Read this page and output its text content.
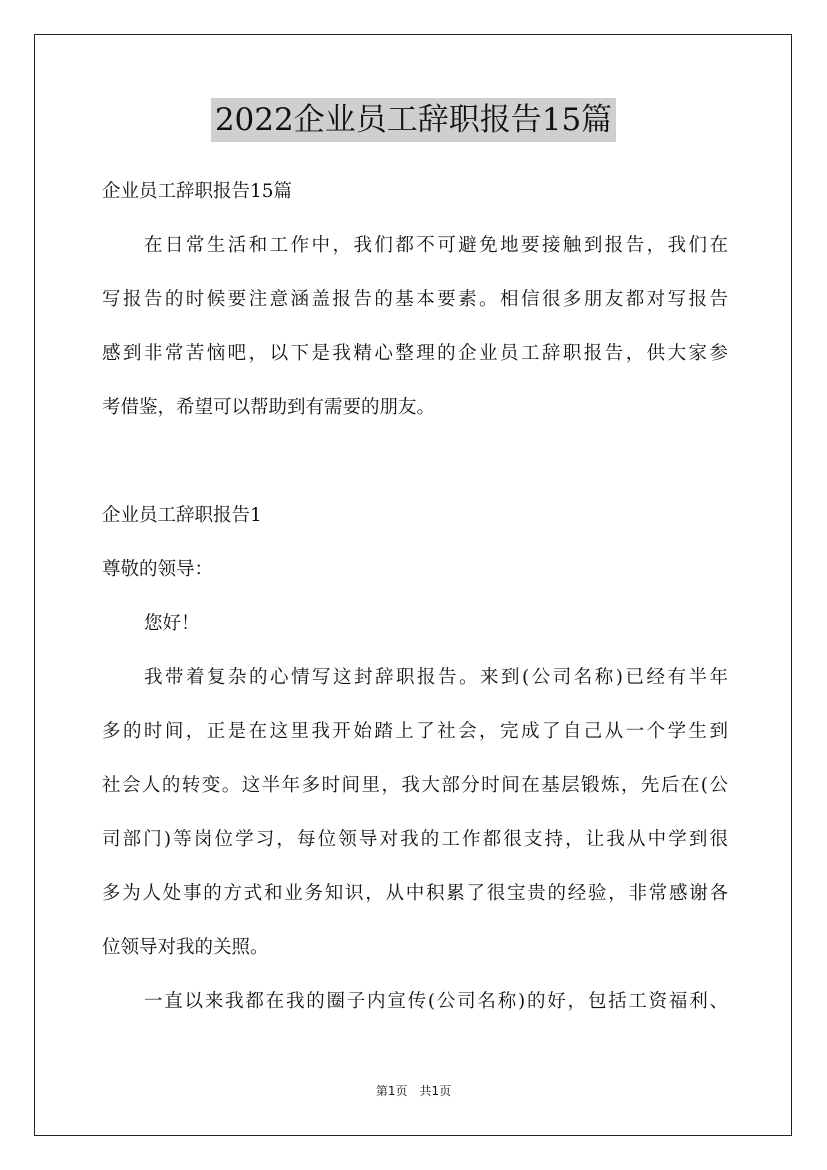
2022企业员工辞职报告15篇
企业员工辞职报告15篇
在日常生活和工作中，我们都不可避免地要接触到报告，我们在
写报告的时候要注意涵盖报告的基本要素。相信很多朋友都对写报告
感到非常苦恼吧，以下是我精心整理的企业员工辞职报告，供大家参
考借鉴，希望可以帮助到有需要的朋友。
企业员工辞职报告1
尊敬的领导：
您好！
我带着复杂的心情写这封辞职报告。来到(公司名称)已经有半年
多的时间，正是在这里我开始踏上了社会，完成了自己从一个学生到
社会人的转变。这半年多时间里，我大部分时间在基层锻炼，先后在(公
司部门)等岗位学习，每位领导对我的工作都很支持，让我从中学到很
多为人处事的方式和业务知识，从中积累了很宝贵的经验，非常感谢各
位领导对我的关照。
一直以来我都在我的圈子内宣传(公司名称)的好，包括工资福利、
第1页　共1页
